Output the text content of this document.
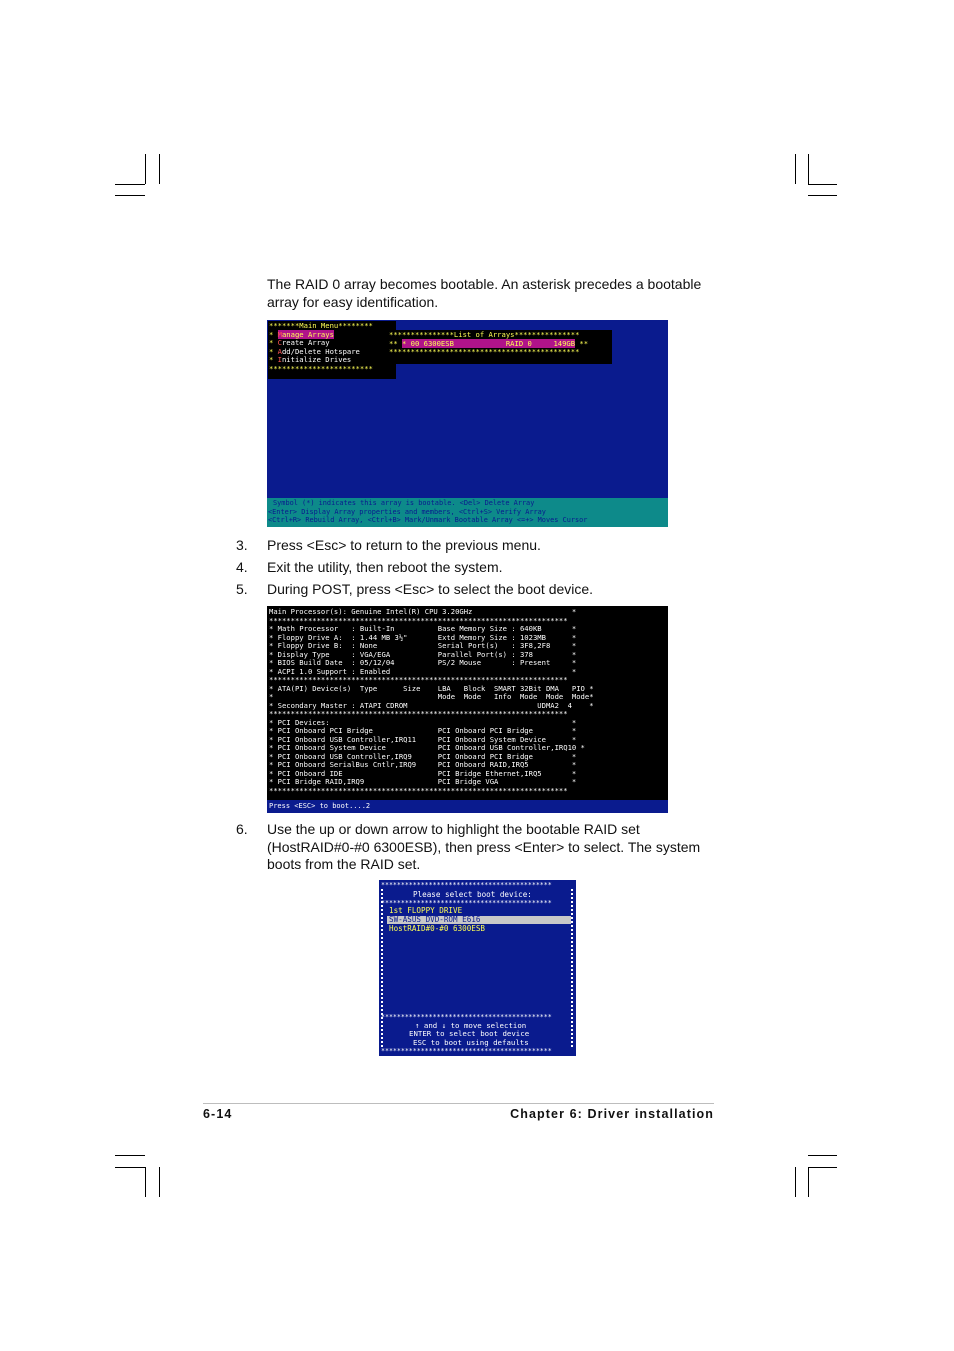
The RAID 0 array becomes bootable. An asterisk precedes a bootable array for easy identification.
*******Main Menu********
* Manage Arrays
* Create Array
* Add/Delete Hotspare
* Initialize Drives
************************
***************List of Arrays***************
** * 00 6300ESB            RAID 0     149GB **
********************************************
Symbol (*) indicates this array is bootable. <Del> Delete Array
<Enter> Display Array properties and members, <Ctrl+S> Verify Array
<Ctrl+R> Rebuild Array, <Ctrl+B> Mark/Unmark Bootable Array <=+> Moves Cursor
3. Press <Esc> to return to the previous menu.
4. Exit the utility, then reboot the system.
5. During POST, press <Esc> to select the boot device.
Main Processor(s): Genuine Intel(R) CPU 3.20GHz                       *
*********************************************************************
* Math Processor   : Built-In          Base Memory Size : 640KB       *
* Floppy Drive A:  : 1.44 MB 3½"       Extd Memory Size : 1023MB      *
* Floppy Drive B:  : None              Serial Port(s)   : 3F8,2F8     *
* Display Type     : VGA/EGA           Parallel Port(s) : 378         *
* BIOS Build Date  : 05/12/04          PS/2 Mouse       : Present     *
* ACPI 1.0 Support : Enabled                                          *
*********************************************************************
* ATA(PI) Device(s)  Type      Size    LBA   Block  SMART 32Bit DMA   PIO *
*                                      Mode  Mode   Info  Mode  Mode  Mode*
* Secondary Master : ATAPI CDROM                              UDMA2  4    *
*********************************************************************
* PCI Devices:                                                        *
* PCI Onboard PCI Bridge               PCI Onboard PCI Bridge         *
* PCI Onboard USB Controller,IRQ11     PCI Onboard System Device      *
* PCI Onboard System Device            PCI Onboard USB Controller,IRQ10 *
* PCI Onboard USB Controller,IRQ9      PCI Onboard PCI Bridge         *
* PCI Onboard SerialBus Cntlr,IRQ9     PCI Onboard RAID,IRQ5          *
* PCI Onboard IDE                      PCI Bridge Ethernet,IRQ5       *
* PCI Bridge RAID,IRQ9                 PCI Bridge VGA                 *
*********************************************************************
Press <ESC> to boot....2
6. Use the up or down arrow to highlight the bootable RAID set (HostRAID#0-#0 6300ESB), then press <Enter> to select. The system boots from the RAID set.
*******************************************
Please select boot device:
*******************************************
1st FLOPPY DRIVE
SW-ASUS DVD-ROM E616
HostRAID#0-#0 6300ESB
*******************************************
↑ and ↓ to move selection
ENTER to select boot device
ESC to boot using defaults
*******************************************
6-14	Chapter 6: Driver installation
